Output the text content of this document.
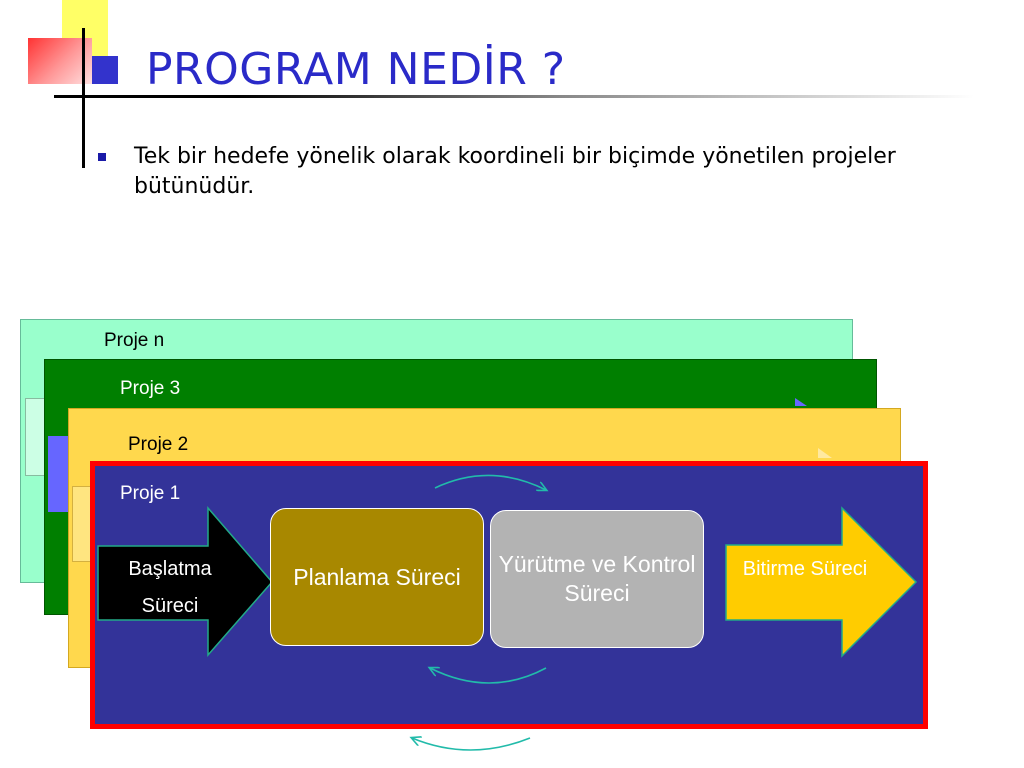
PROGRAM NEDİR ?
Tek bir hedefe yönelik olarak koordineli bir biçimde yönetilen projeler bütünüdür.
Proje n
Proje 3
Proje 2
Proje 1
Başlatma Süreci
Planlama Süreci	Yürütme ve Kontrol Süreci
Bitirme Süreci
